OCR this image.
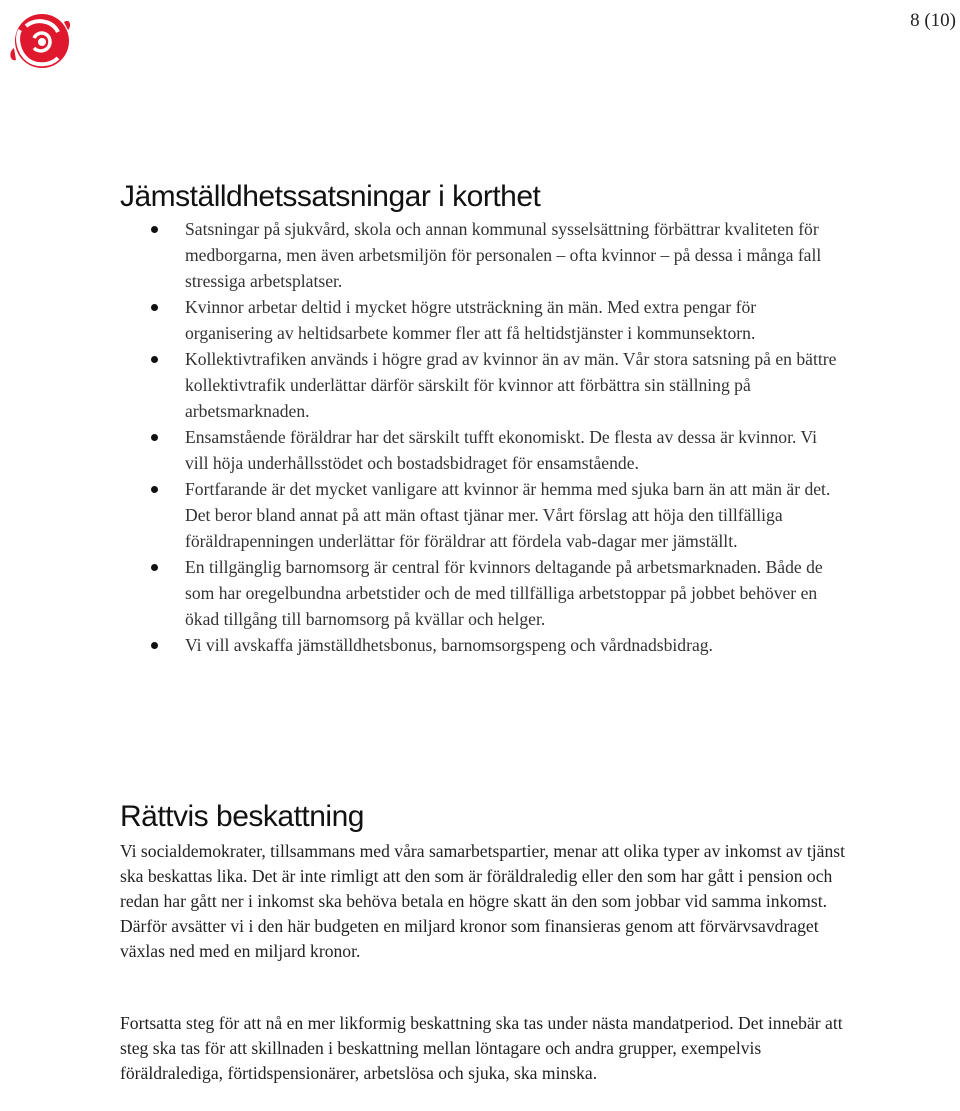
8 (10)
Jämställdhetssatsningar i korthet
Satsningar på sjukvård, skola och annan kommunal sysselsättning förbättrar kvaliteten för medborgarna, men även arbetsmiljön för personalen – ofta kvinnor – på dessa i många fall stressiga arbetsplatser.
Kvinnor arbetar deltid i mycket högre utsträckning än män. Med extra pengar för organisering av heltidsarbete kommer fler att få heltidstjänster i kommunsektorn.
Kollektivtrafiken används i högre grad av kvinnor än av män. Vår stora satsning på en bättre kollektivtrafik underlättar därför särskilt för kvinnor att förbättra sin ställning på arbetsmarknaden.
Ensamstående föräldrar har det särskilt tufft ekonomiskt. De flesta av dessa är kvinnor. Vi vill höja underhållsstödet och bostadsbidraget för ensamstående.
Fortfarande är det mycket vanligare att kvinnor är hemma med sjuka barn än att män är det. Det beror bland annat på att män oftast tjänar mer. Vårt förslag att höja den tillfälliga föräldrapenningen underlättar för föräldrar att fördela vab-dagar mer jämställt.
En tillgänglig barnomsorg är central för kvinnors deltagande på arbetsmarknaden. Både de som har oregelbundna arbetstider och de med tillfälliga arbetstoppar på jobbet behöver en ökad tillgång till barnomsorg på kvällar och helger.
Vi vill avskaffa jämställdhetsbonus, barnomsorgspeng och vårdnadsbidrag.
Rättvis beskattning

Vi socialdemokrater, tillsammans med våra samarbetspartier, menar att olika typer av inkomst av tjänst ska beskattas lika. Det är inte rimligt att den som är föräldraledig eller den som har gått i pension och redan har gått ner i inkomst ska behöva betala en högre skatt än den som jobbar vid samma inkomst. Därför avsätter vi i den här budgeten en miljard kronor som finansieras genom att förvärvsavdraget växlas ned med en miljard kronor.

Fortsatta steg för att nå en mer likformig beskattning ska tas under nästa mandatperiod. Det innebär att steg ska tas för att skillnaden i beskattning mellan löntagare och andra grupper, exempelvis föräldralediga, förtidspensionärer, arbetslösa och sjuka, ska minska.
